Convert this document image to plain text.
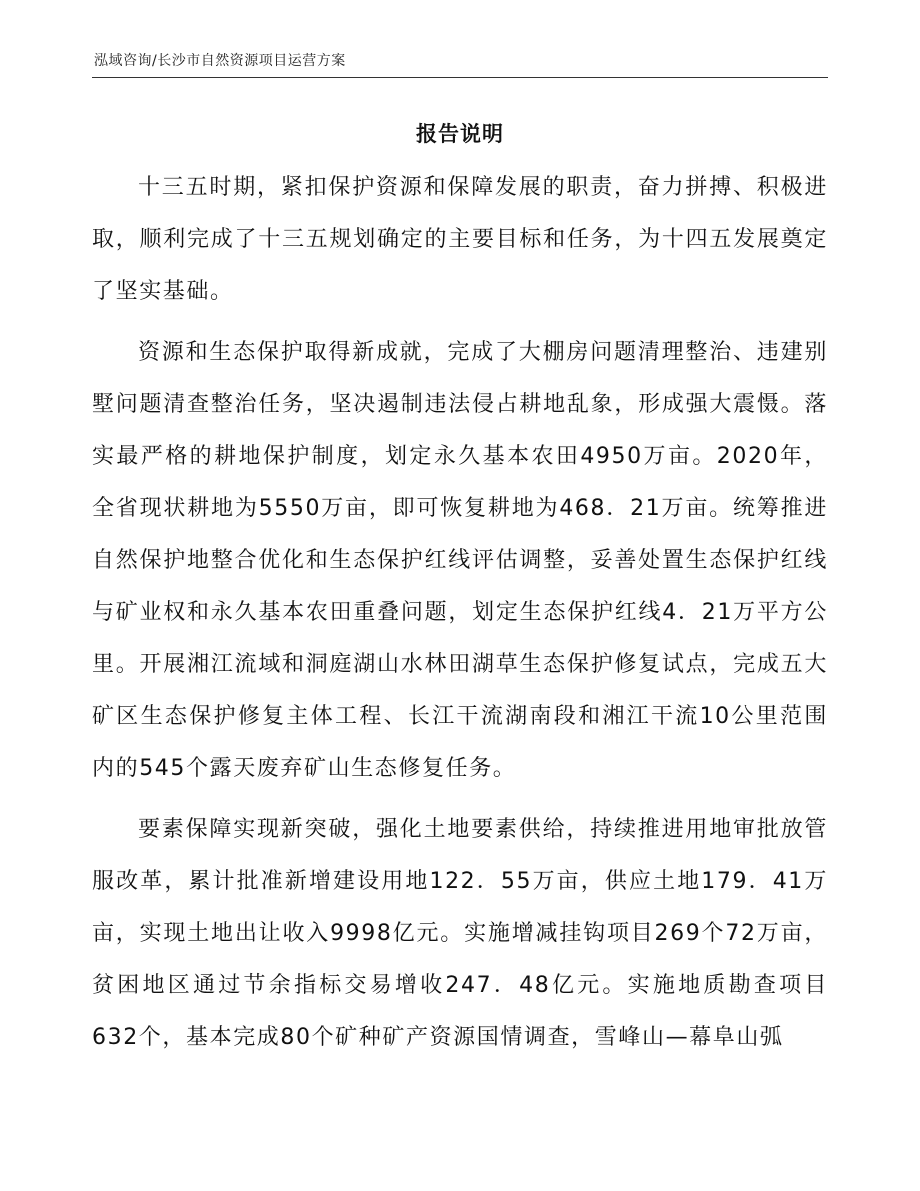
泓域咨询/长沙市自然资源项目运营方案
报告说明

十三五时期，紧扣保护资源和保障发展的职责，奋力拼搏、积极进取，顺利完成了十三五规划确定的主要目标和任务，为十四五发展奠定了坚实基础。

资源和生态保护取得新成就，完成了大棚房问题清理整治、违建别墅问题清查整治任务，坚决遏制违法侵占耕地乱象，形成强大震慑。落实最严格的耕地保护制度，划定永久基本农田4950万亩。2020年，全省现状耕地为5550万亩，即可恢复耕地为468．21万亩。统筹推进自然保护地整合优化和生态保护红线评估调整，妥善处置生态保护红线与矿业权和永久基本农田重叠问题，划定生态保护红线4．21万平方公里。开展湘江流域和洞庭湖山水林田湖草生态保护修复试点，完成五大矿区生态保护修复主体工程、长江干流湖南段和湘江干流10公里范围内的545个露天废弃矿山生态修复任务。

要素保障实现新突破，强化土地要素供给，持续推进用地审批放管服改革，累计批准新增建设用地122．55万亩，供应土地179．41万亩，实现土地出让收入9998亿元。实施增减挂钩项目269个72万亩，贫困地区通过节余指标交易增收247．48亿元。实施地质勘查项目632个，基本完成80个矿种矿产资源国情调查，雪峰山—幕阜山弧
